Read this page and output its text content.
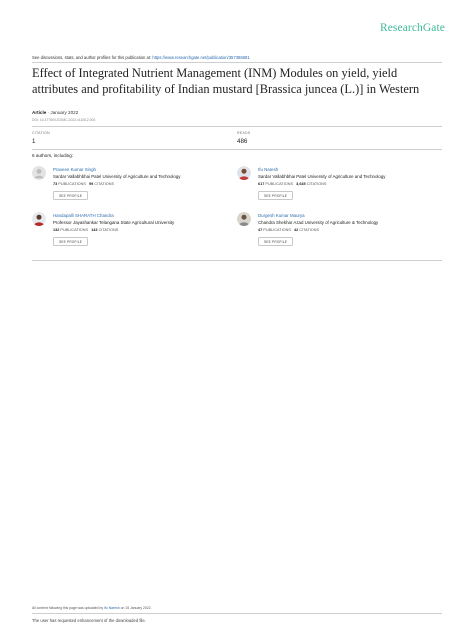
ResearchGate
See discussions, stats, and author profiles for this publication at: https://www.researchgate.net/publication/357386881
Effect of Integrated Nutrient Management (INM) Modules on yield, yield attributes and profitability of Indian mustard [Brassica juncea (L.)] in Western
Article · January 2022
DOI: 10.47760/IJCSMC.2022.v11i012.003
CITATION
1
READS
486
6 authors, including:
Praveen Kumar Singh
Sardar Vallabhbhai Patel University of Agriculture and Technology
73 PUBLICATIONS 99 CITATIONS
SEE PROFILE
Ifu Naresh
Sardar Vallabhbhai Patel University of Agriculture and Technology
617 PUBLICATIONS 3,645 CITATIONS
SEE PROFILE
Handapalli SHARATH Chandra
Professor Jayashankar Telangana State Agricultural University
132 PUBLICATIONS 143 CITATIONS
SEE PROFILE
Durgesh Kumar Maurya
Chandra Shekhar Azad University of Agriculture & Technology
47 PUBLICATIONS 42 CITATIONS
SEE PROFILE
All content following this page was uploaded by Ifu Naresh on 15 January 2022.
The user has requested enhancement of the downloaded file.
